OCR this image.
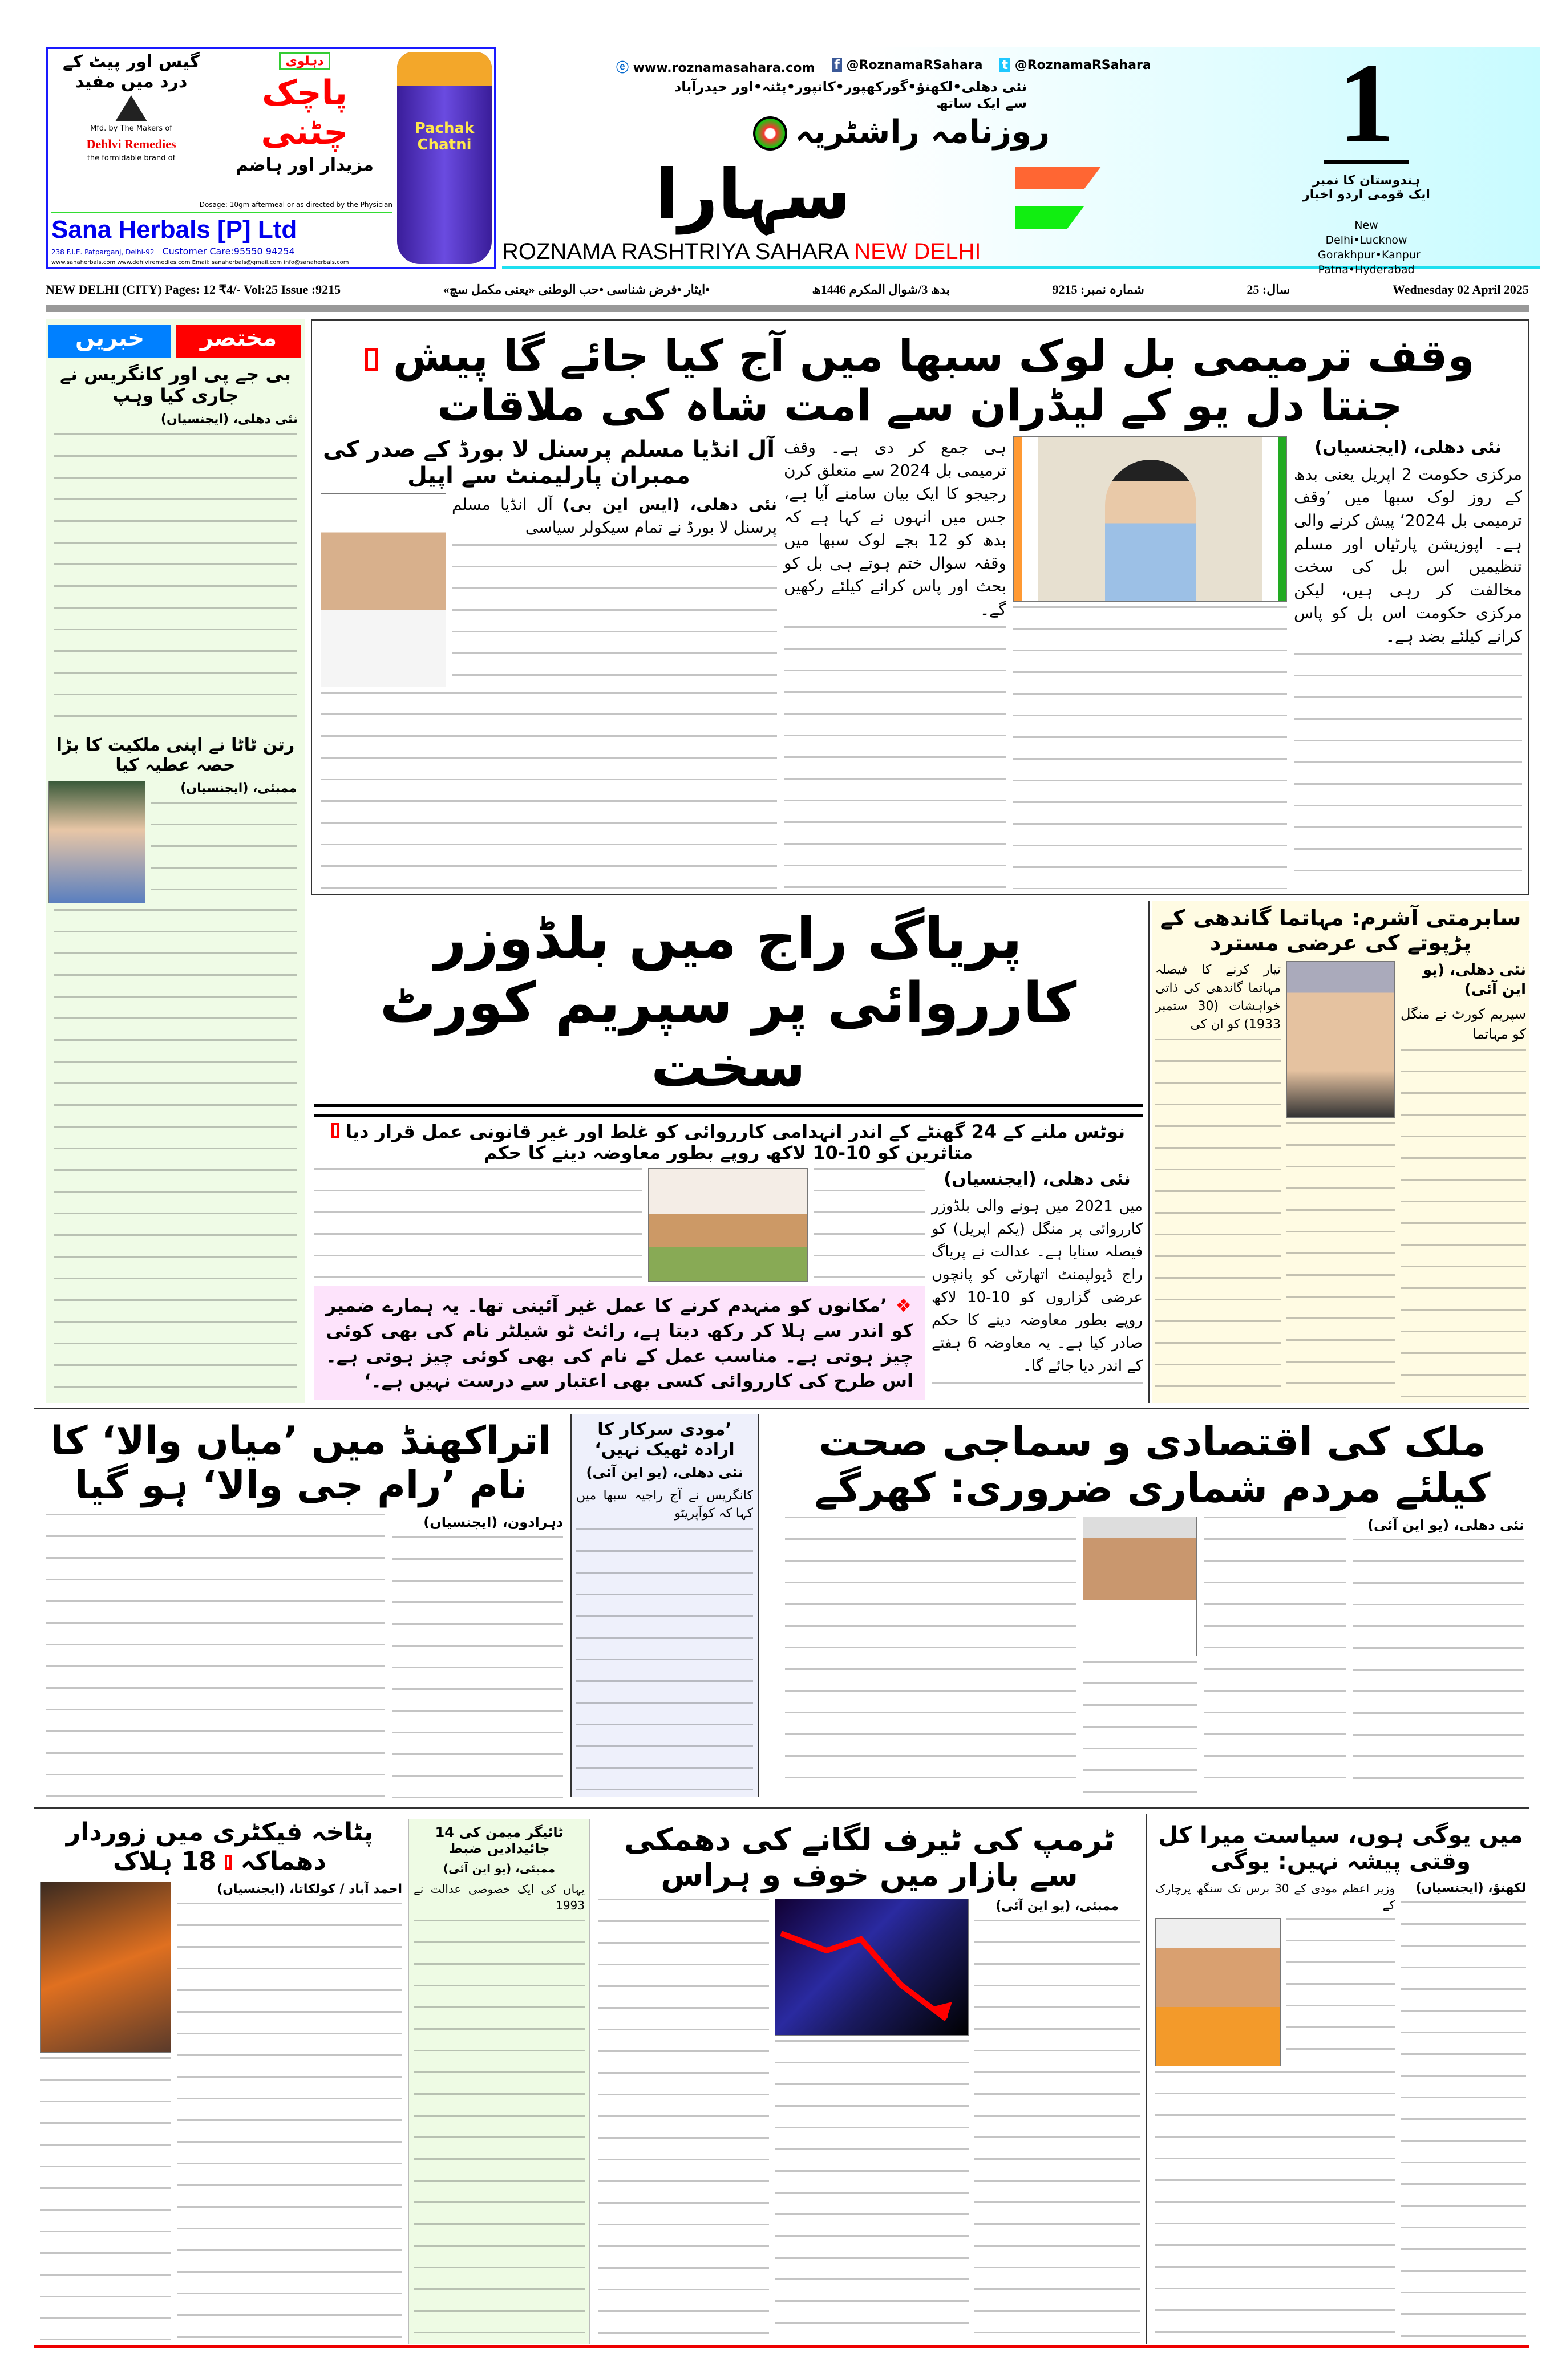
گیس اور پیٹ کے درد میں مفید
Mfd. by The Makers of
Dehlvi Remedies
the formidable brand of
دہلوی
پاچک چٹنی
مزیدار اور ہاضم
Dosage: 10gm aftermeal or as directed by the Physician
Sana Herbals [P] Ltd
238 F.I.E. Patparganj, Delhi-92 Customer Care:95550 94254
www.sanaherbals.com www.dehlviremedies.com Email: sanaherbals@gmail.com info@sanaherbals.com
Pachak Chatni
ⓔ www.roznamasahara.com f @RoznamaRSahara t @RoznamaRSahara
نئی دهلی•لکھنؤ•گورکھپور•کانپور•پٹنہ•اور حیدرآباد سے ایک ساتھ
روزنامہ راشٹریہ
سہارا
ROZNAMA RASHTRIYA SAHARA NEW DELHI
1
ہندوستان کا نمبر ایک قومی اردو اخبار
New Delhi•Lucknow
Gorakhpur•Kanpur
Patna•Hyderabad
NEW DELHI (CITY) Pages: 12 ₹4/- Vol:25 Issue :9215	•ایثار •فرض شناسی •حب الوطنی «یعنی مکمل سچ»	بدھ 3/شوال المکرم 1446ھ	شمارہ نمبر: 9215	سال: 25	Wednesday 02 April 2025
خبریں	مختصر
بی جے پی اور کانگریس نے جاری کیا وہپ
نئی دهلی، (ایجنسیاں)
رتن ٹاٹا نے اپنی ملکیت کا بڑا حصہ عطیہ کیا
ممبئی، (ایجنسیاں)
وقف ترمیمی بل لوک سبھا میں آج کیا جائے گا پیش  جنتا دل یو کے لیڈران سے امت شاہ کی ملاقات
نئی دهلی، (ایجنسیاں)
مرکزی حکومت 2 اپریل یعنی بدھ کے روز لوک سبھا میں ’وقف ترمیمی بل 2024‘ پیش کرنے والی ہے۔ اپوزیشن پارٹیاں اور مسلم تنظیمیں اس بل کی سخت مخالفت کر رہی ہیں، لیکن مرکزی حکومت اس بل کو پاس کرانے کیلئے بضد ہے۔
ہی جمع کر دی ہے۔ وقف ترمیمی بل 2024 سے متعلق کرن رجیجو کا ایک بیان سامنے آیا ہے، جس میں انہوں نے کہا ہے کہ بدھ کو 12 بجے لوک سبھا میں وقفہ سوال ختم ہوتے ہی بل کو بحث اور پاس کرانے کیلئے رکھیں گے۔
آل انڈیا مسلم پرسنل لا بورڈ کے صدر کی ممبران پارلیمنٹ سے اپیل
نئی دهلی، (ایس این بی) آل انڈیا مسلم پرسنل لا بورڈ نے تمام سیکولر سیاسی
پریاگ راج میں بلڈوزر کارروائی پر سپریم کورٹ سخت
نوٹس ملنے کے 24 گھنٹے کے اندر انہدامی کارروائی کو غلط اور غیر قانونی عمل قرار دیا  متاثرین کو 10-10 لاکھ روپے بطور معاوضہ دینے کا حکم
نئی دهلی، (ایجنسیاں)
میں 2021 میں ہونے والی بلڈوزر کارروائی پر منگل (یکم اپریل) کو فیصلہ سنایا ہے۔ عدالت نے پریاگ راج ڈیولپمنٹ اتھارٹی کو پانچوں عرضی گزاروں کو 10-10 لاکھ روپے بطور معاوضہ دینے کا حکم صادر کیا ہے۔ یہ معاوضہ 6 ہفتے کے اندر دیا جائے گا۔
❖ ’مکانوں کو منہدم کرنے کا عمل غیر آئینی تھا۔ یہ ہمارے ضمیر کو اندر سے ہلا کر رکھ دیتا ہے، رائٹ ٹو شیلٹر نام کی بھی کوئی چیز ہوتی ہے۔ مناسب عمل کے نام کی بھی کوئی چیز ہوتی ہے۔ اس طرح کی کارروائی کسی بھی اعتبار سے درست نہیں ہے۔‘
سابرمتی آشرم: مہاتما گاندھی کے پڑپوتے کی عرضی مسترد
نئی دهلی، (یو این آئی)
سپریم کورٹ نے منگل کو مہاتما
تیار کرنے کا فیصلہ مہاتما گاندھی کی ذاتی خواہشات (30 ستمبر 1933) کو ان کی
اتراکھنڈ میں ’میاں والا‘ کا نام ’رام جی والا‘ ہو گیا
دہرادون، (ایجنسیاں)
’مودی سرکار کا ارادہ ٹھیک نہیں‘
نئی دهلی، (یو این آئی)
کانگریس نے آج راجیہ سبھا میں کہا کہ کوآپریٹو
ملک کی اقتصادی و سماجی صحت کیلئے مردم شماری ضروری: کھرگے
نئی دهلی، (یو این آئی)
پٹاخہ فیکٹری میں زوردار دھماکہ  18 ہلاک
احمد آباد / کولکاتا، (ایجنسیاں)
ٹائیگر میمن کی 14 جائیدادیں ضبط
ممبئی، (یو این آئی)
یہاں کی ایک خصوصی عدالت نے 1993
ٹرمپ کی ٹیرف لگانے کی دھمکی سے بازار میں خوف و ہراس
ممبئی، (یو این آئی)
میں یوگی ہوں، سیاست میرا کل وقتی پیشہ نہیں: یوگی
لکھنؤ، (ایجنسیاں)
وزیر اعظم مودی کے 30 برس تک سنگھ پرچارک کے
